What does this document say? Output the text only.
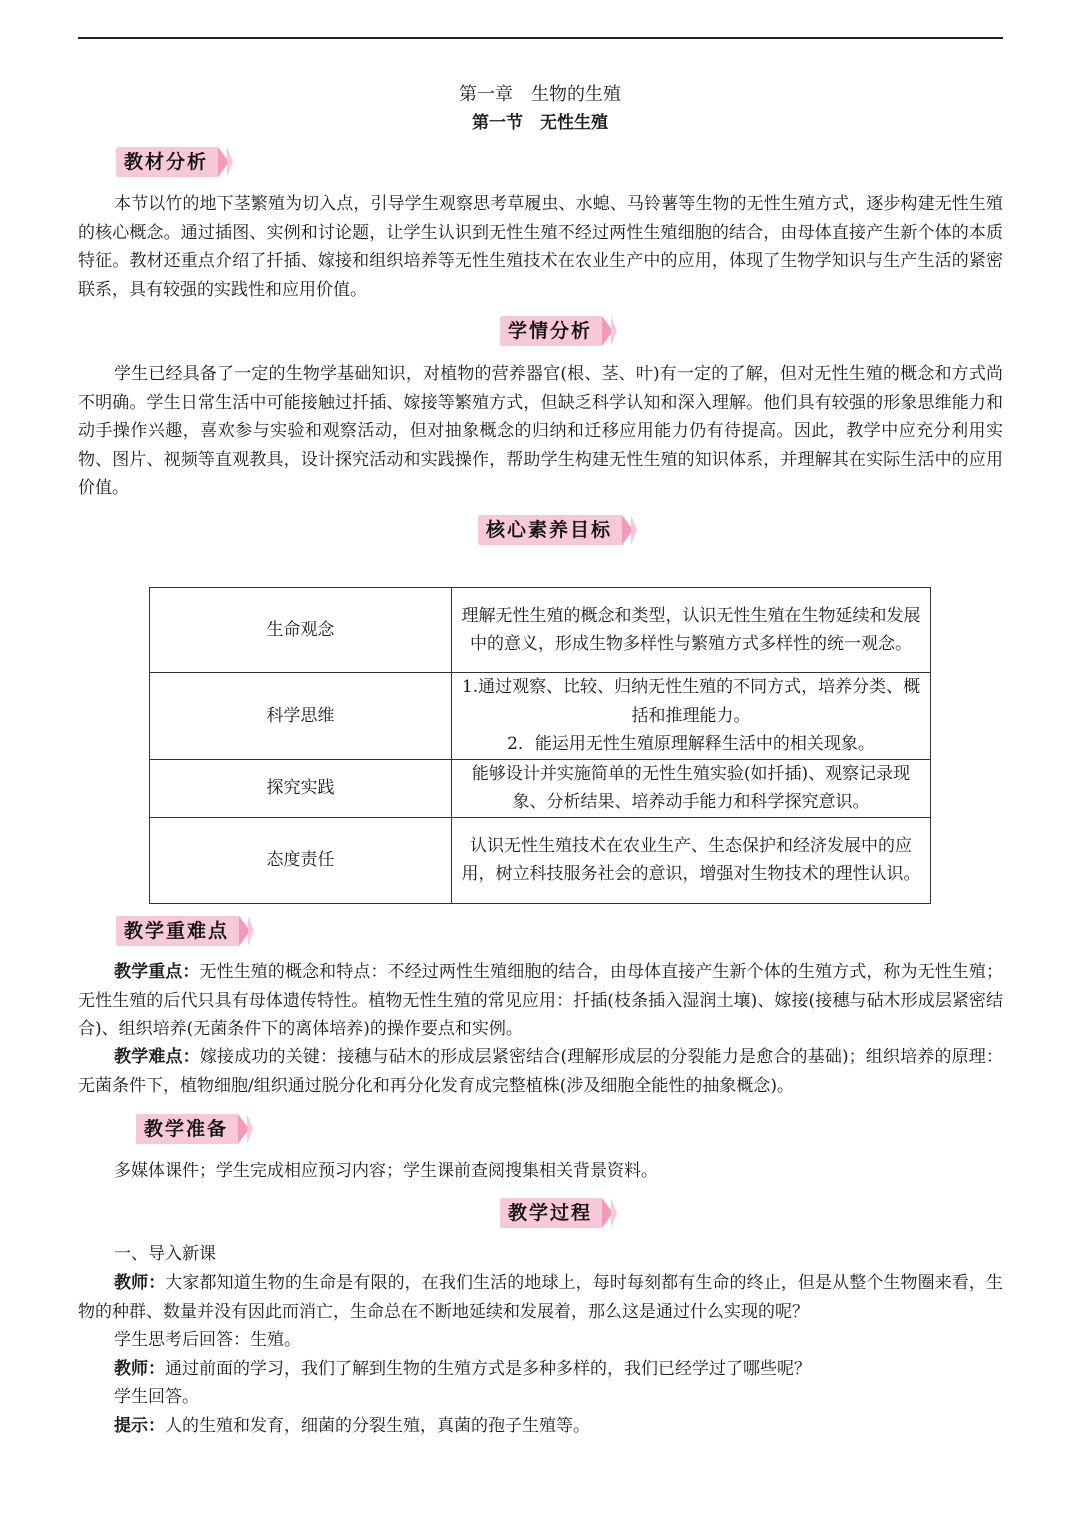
第一章　生物的生殖
第一节　无性生殖
教材分析

本节以竹的地下茎繁殖为切入点，引导学生观察思考草履虫、水螅、马铃薯等生物的无性生殖方式，逐步构建无性生殖的核心概念。通过插图、实例和讨论题，让学生认识到无性生殖不经过两性生殖细胞的结合，由母体直接产生新个体的本质特征。教材还重点介绍了扦插、嫁接和组织培养等无性生殖技术在农业生产中的应用，体现了生物学知识与生产生活的紧密联系，具有较强的实践性和应用价值。

学情分析

学生已经具备了一定的生物学基础知识，对植物的营养器官(根、茎、叶)有一定的了解，但对无性生殖的概念和方式尚不明确。学生日常生活中可能接触过扦插、嫁接等繁殖方式，但缺乏科学认知和深入理解。他们具有较强的形象思维能力和动手操作兴趣，喜欢参与实验和观察活动，但对抽象概念的归纳和迁移应用能力仍有待提高。因此，教学中应充分利用实物、图片、视频等直观教具，设计探究活动和实践操作，帮助学生构建无性生殖的知识体系，并理解其在实际生活中的应用价值。

核心素养目标
生命观念	理解无性生殖的概念和类型，认识无性生殖在生物延续和发展中的意义，形成生物多样性与繁殖方式多样性的统一观念。
科学思维	1.通过观察、比较、归纳无性生殖的不同方式，培养分类、概括和推理能力。
2．能运用无性生殖原理解释生活中的相关现象。

探究实践	能够设计并实施简单的无性生殖实验(如扦插)、观察记录现象、分析结果、培养动手能力和科学探究意识。
态度责任	认识无性生殖技术在农业生产、生态保护和经济发展中的应用，树立科技服务社会的意识，增强对生物技术的理性认识。
教学重难点

教学重点：无性生殖的概念和特点：不经过两性生殖细胞的结合，由母体直接产生新个体的生殖方式，称为无性生殖；无性生殖的后代只具有母体遗传特性。植物无性生殖的常见应用：扦插(枝条插入湿润土壤)、嫁接(接穗与砧木形成层紧密结合)、组织培养(无菌条件下的离体培养)的操作要点和实例。

教学难点：嫁接成功的关键：接穗与砧木的形成层紧密结合(理解形成层的分裂能力是愈合的基础)；组织培养的原理：无菌条件下，植物细胞/组织通过脱分化和再分化发育成完整植株(涉及细胞全能性的抽象概念)。

教学准备

多媒体课件；学生完成相应预习内容；学生课前查阅搜集相关背景资料。

教学过程

一、导入新课

教师：大家都知道生物的生命是有限的，在我们生活的地球上，每时每刻都有生命的终止，但是从整个生物圈来看，生物的种群、数量并没有因此而消亡，生命总在不断地延续和发展着，那么这是通过什么实现的呢？

学生思考后回答：生殖。

教师：通过前面的学习，我们了解到生物的生殖方式是多种多样的，我们已经学过了哪些呢？

学生回答。

提示：人的生殖和发育，细菌的分裂生殖，真菌的孢子生殖等。
